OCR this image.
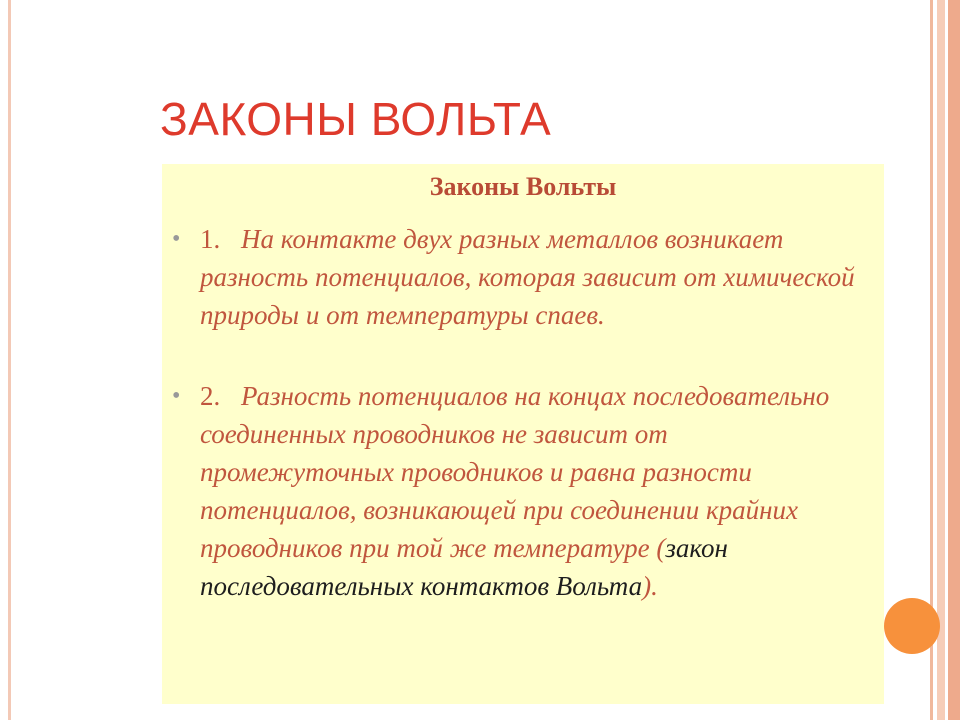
ЗАКОНЫ ВОЛЬТА
Законы Вольты

• 1. На контакте двух разных металлов возникает разность потенциалов, которая зависит от химической природы и от температуры спаев.

• 2. Разность потенциалов на концах последовательно соединенных проводников не зависит от промежуточных проводников и равна разности потенциалов, возникающей при соединении крайних проводников при той же температуре (закон последовательных контактов Вольта).
